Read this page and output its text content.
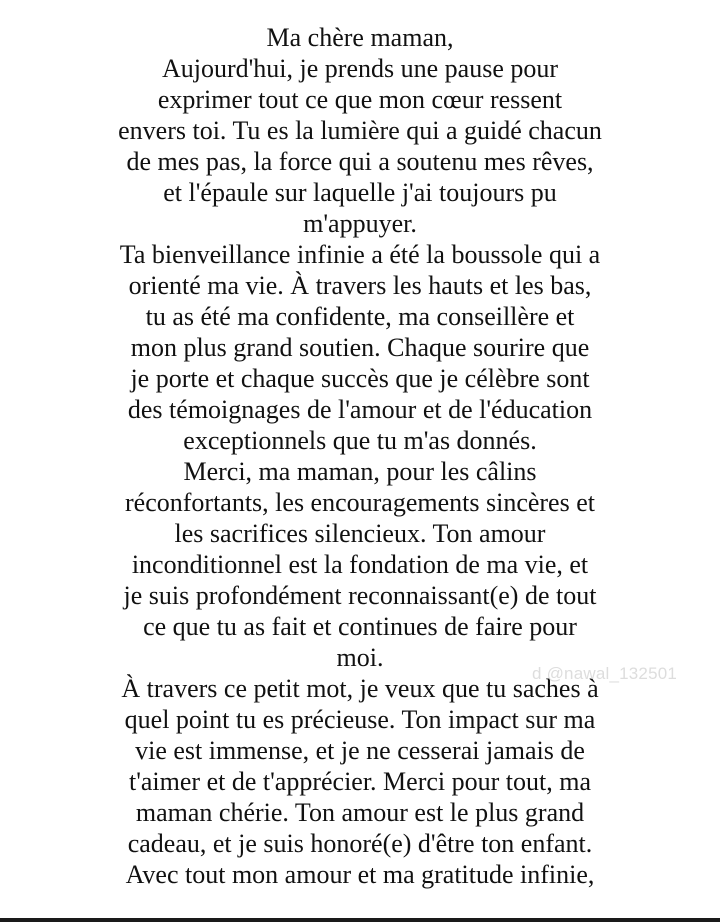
Ma chère maman,
Aujourd'hui, je prends une pause pour
exprimer tout ce que mon cœur ressent
envers toi. Tu es la lumière qui a guidé chacun
de mes pas, la force qui a soutenu mes rêves,
et l'épaule sur laquelle j'ai toujours pu
m'appuyer.
Ta bienveillance infinie a été la boussole qui a
orienté ma vie. À travers les hauts et les bas,
tu as été ma confidente, ma conseillère et
mon plus grand soutien. Chaque sourire que
je porte et chaque succès que je célèbre sont
des témoignages de l'amour et de l'éducation
exceptionnels que tu m'as donnés.
Merci, ma maman, pour les câlins
réconfortants, les encouragements sincères et
les sacrifices silencieux. Ton amour
inconditionnel est la fondation de ma vie, et
je suis profondément reconnaissant(e) de tout
ce que tu as fait et continues de faire pour
moi.
À travers ce petit mot, je veux que tu saches à
quel point tu es précieuse. Ton impact sur ma
vie est immense, et je ne cesserai jamais de
t'aimer et de t'apprécier. Merci pour tout, ma
maman chérie. Ton amour est le plus grand
cadeau, et je suis honoré(e) d'être ton enfant.
Avec tout mon amour et ma gratitude infinie,
d @nawal_132501
